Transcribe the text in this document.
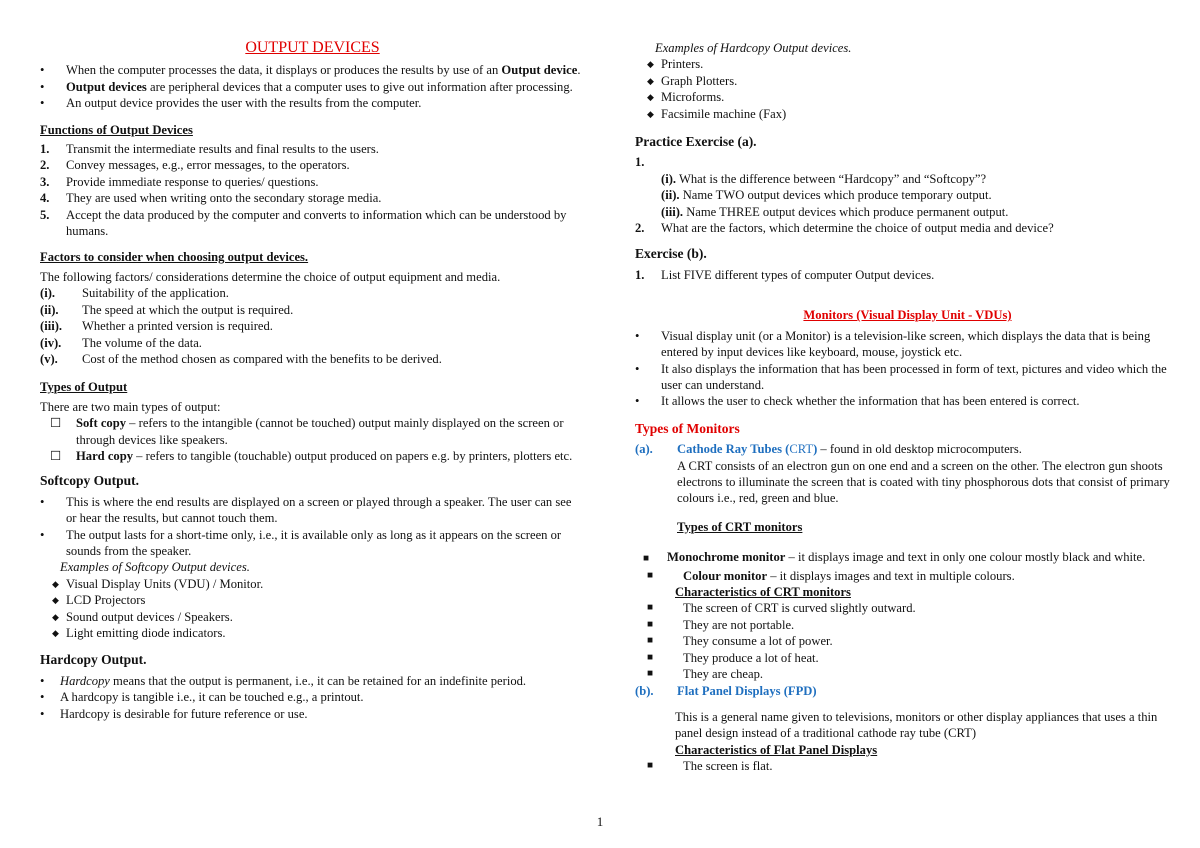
OUTPUT DEVICES
•	When the computer processes the data, it displays or produces the results by use of an Output device.
•	Output devices are peripheral devices that a computer uses to give out information after processing.
•	An output device provides the user with the results from the computer.
Functions of Output Devices
1.	Transmit the intermediate results and final results to the users.
2.	Convey messages, e.g., error messages, to the operators.
3.	Provide immediate response to queries/ questions.
4.	They are used when writing onto the secondary storage media.
5.	Accept the data produced by the computer and converts to information which can be understood by humans.
Factors to consider when choosing output devices.
The following factors/ considerations determine the choice of output equipment and media.
(i).	Suitability of the application.
(ii).	The speed at which the output is required.
(iii).	Whether a printed version is required.
(iv).	The volume of the data.
(v).	Cost of the method chosen as compared with the benefits to be derived.
Types of Output
There are two main types of output:
☐	Soft copy – refers to the intangible (cannot be touched) output mainly displayed on the screen or through devices like speakers.
☐	Hard copy – refers to tangible (touchable) output produced on papers e.g. by printers, plotters etc.
Softcopy Output.
•	This is where the end results are displayed on a screen or played through a speaker. The user can see or hear the results, but cannot touch them.
•	The output lasts for a short-time only, i.e., it is available only as long as it appears on the screen or sounds from the speaker.
Examples of Softcopy Output devices.
◆ Visual Display Units (VDU) / Monitor.
◆ LCD Projectors
◆ Sound output devices / Speakers.
◆ Light emitting diode indicators.
Hardcopy Output.
•	Hardcopy means that the output is permanent, i.e., it can be retained for an indefinite period.
•	A hardcopy is tangible i.e., it can be touched e.g., a printout.
•	Hardcopy is desirable for future reference or use.
Examples of Hardcopy Output devices.
◆ Printers.
◆ Graph Plotters.
◆ Microforms.
◆ Facsimile machine (Fax)
Practice Exercise (a).
1.
(i). What is the difference between “Hardcopy” and “Softcopy”?
(ii). Name TWO output devices which produce temporary output.
(iii). Name THREE output devices which produce permanent output.
2.	What are the factors, which determine the choice of output media and device?
Exercise (b).
1.	List FIVE different types of computer Output devices.
Monitors (Visual Display Unit - VDUs)
•	Visual display unit (or a Monitor) is a television-like screen, which displays the data that is being entered by input devices like keyboard, mouse, joystick etc.
•	It also displays the information that has been processed in form of text, pictures and video which the user can understand.
•	It allows the user to check whether the information that has been entered is correct.
Types of Monitors
(a).	Cathode Ray Tubes (CRT) – found in old desktop microcomputers.
A CRT consists of an electron gun on one end and a screen on the other. The electron gun shoots electrons to illuminate the screen that is coated with tiny phosphorous dots that consist of primary colours i.e., red, green and blue.
Types of CRT monitors
■ Monochrome monitor – it displays image and text in only one colour mostly black and white.
■	Colour monitor – it displays images and text in multiple colours.
Characteristics of CRT monitors
■	The screen of CRT is curved slightly outward.
■	They are not portable.
■	They consume a lot of power.
■	They produce a lot of heat.
■	They are cheap.
(b).	Flat Panel Displays (FPD)
This is a general name given to televisions, monitors or other display appliances that uses a thin panel design instead of a traditional cathode ray tube (CRT)
Characteristics of Flat Panel Displays
■	The screen is flat.
1
